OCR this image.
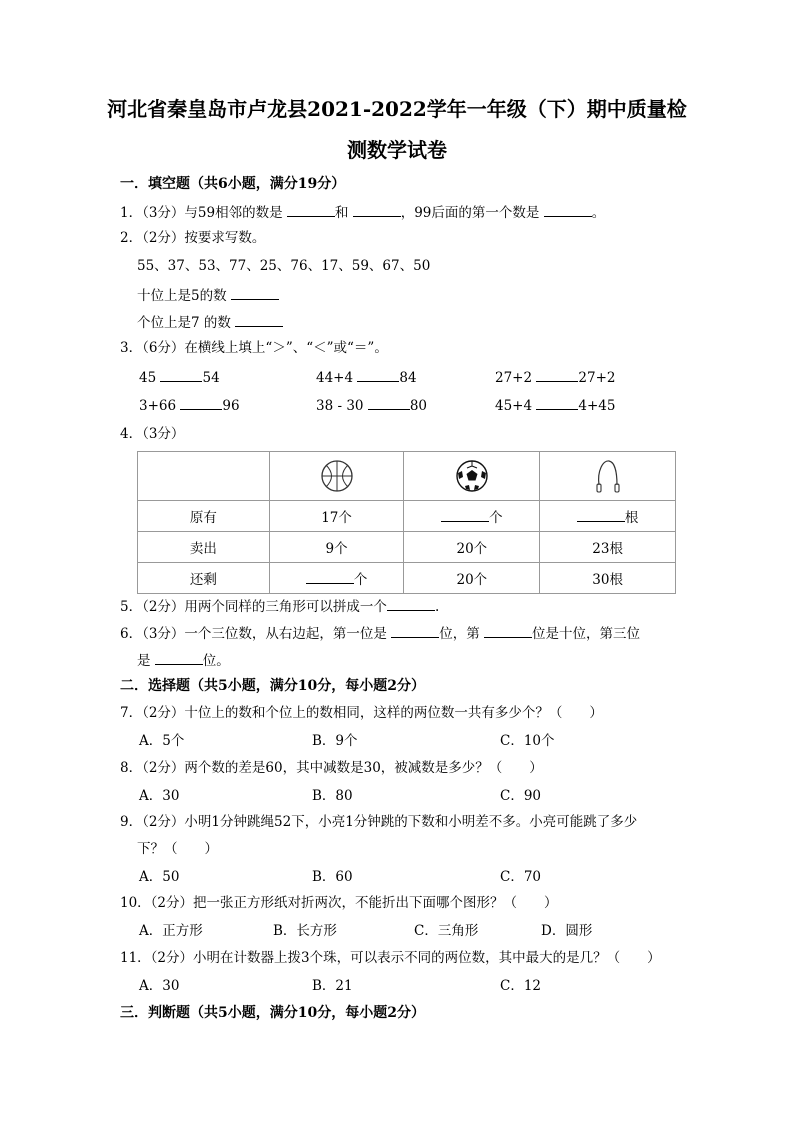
河北省秦皇岛市卢龙县2021-2022学年一年级（下）期中质量检
测数学试卷
一．填空题（共6小题，满分19分）
1．（3分）与59相邻的数是	和	，99后面的第一个数是	。
2．（2分）按要求写数。
55、37、53、77、25、76、17、59、67、50
十位上是5的数
个位上是7 的数
3．（6分）在横线上填上“＞”、“＜”或“＝”。
45	54	44+4	84	27+2	27+2
3+66	96	38 - 30	80	45+4	4+45
4．（3分）

原有	17个	个	根
卖出	9个	20个	23根
还剩	个	20个	30根
5．（2分）用两个同样的三角形可以拼成一个	.
6．（3分）一个三位数，从右边起，第一位是	位，第	位是十位，第三位
是	位。
二．选择题（共5小题，满分10分，每小题2分）
7．（2分）十位上的数和个位上的数相同，这样的两位数一共有多少个？（　　）
A．5个	B．9个	C．10个
8．（2分）两个数的差是60，其中减数是30，被减数是多少？（　　）
A．30	B．80	C．90
9．（2分）小明1分钟跳绳52下，小亮1分钟跳的下数和小明差不多。小亮可能跳了多少
下？（　　）
A．50	B．60	C．70
10．（2分）把一张正方形纸对折两次，不能折出下面哪个图形？（　　）
A．正方形	B．长方形	C．三角形	D．圆形
11．（2分）小明在计数器上拨3个珠，可以表示不同的两位数，其中最大的是几？（　　）
A．30	B．21	C．12
三．判断题（共5小题，满分10分，每小题2分）
